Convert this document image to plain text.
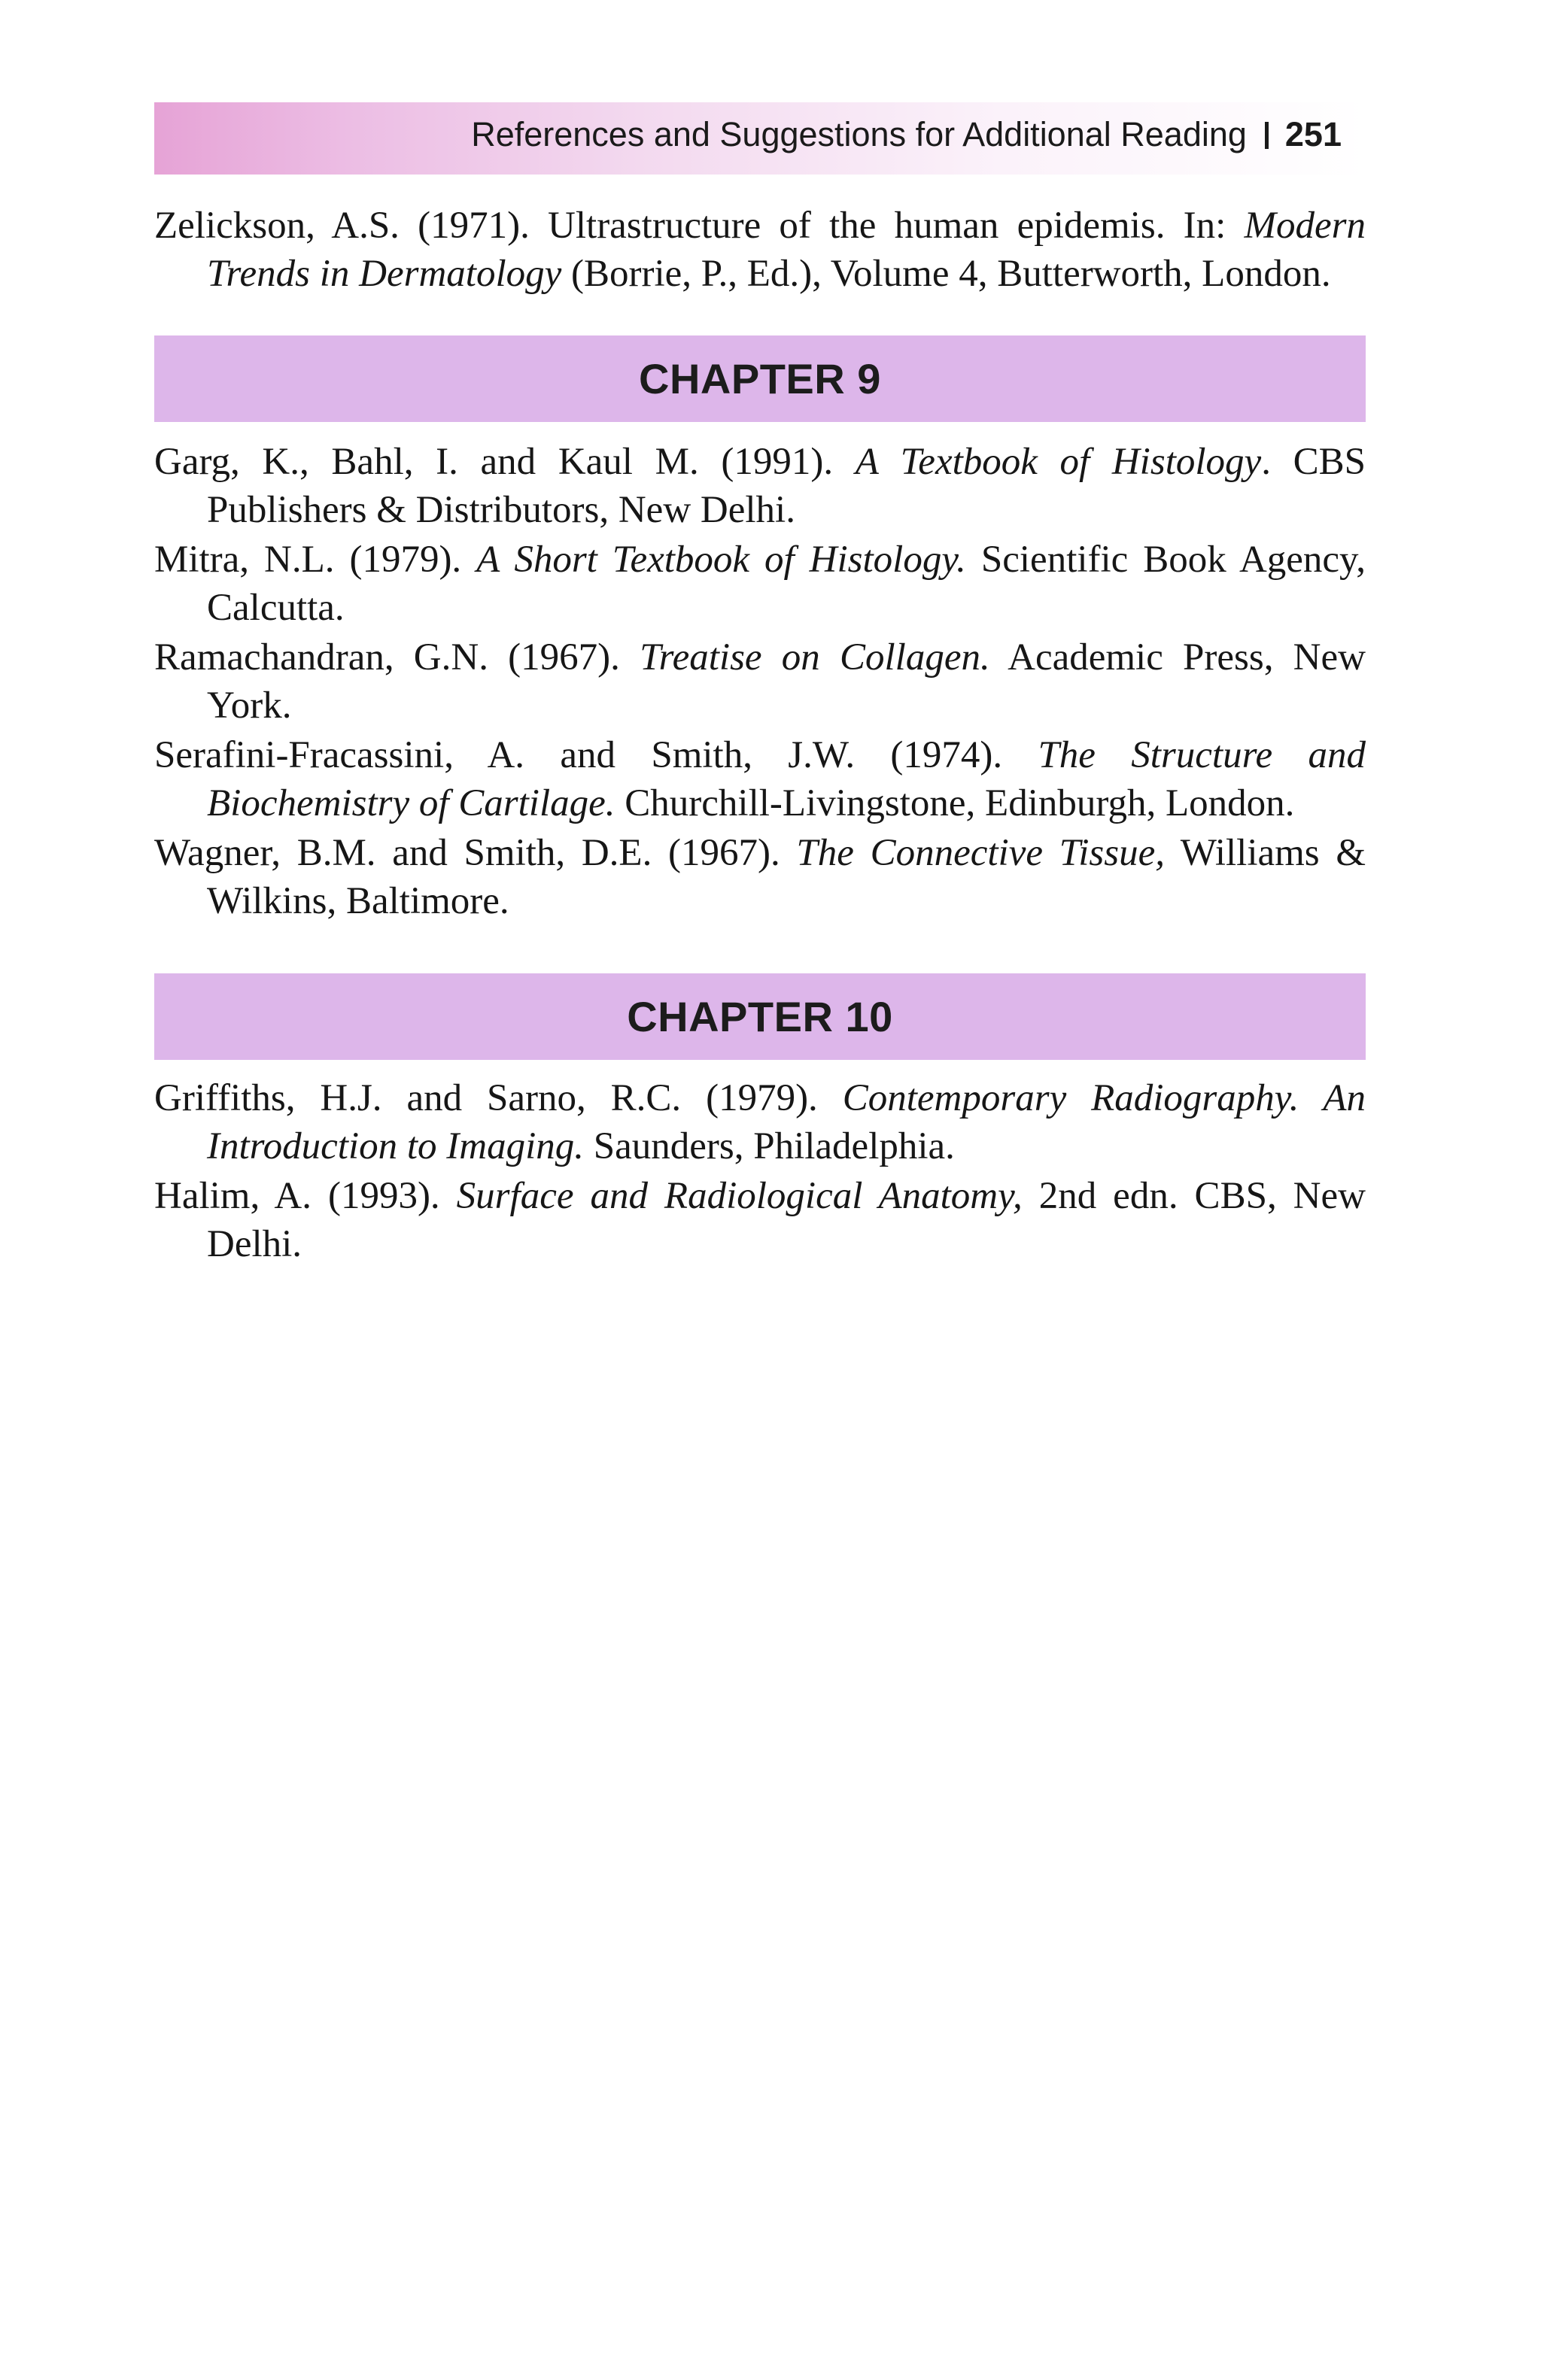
References and Suggestions for Additional Reading 251
Zelickson, A.S. (1971). Ultrastructure of the human epidemis. In: Modern Trends in Dermatology (Borrie, P., Ed.), Volume 4, Butterworth, London.
CHAPTER 9
Garg, K., Bahl, I. and Kaul M. (1991). A Textbook of Histology. CBS Publishers & Distributors, New Delhi.
Mitra, N.L. (1979). A Short Textbook of Histology. Scientific Book Agency, Calcutta.
Ramachandran, G.N. (1967). Treatise on Collagen. Academic Press, New York.
Serafini-Fracassini, A. and Smith, J.W. (1974). The Structure and Biochemistry of Cartilage. Churchill-Livingstone, Edinburgh, London.
Wagner, B.M. and Smith, D.E. (1967). The Connective Tissue, Williams & Wilkins, Baltimore.
CHAPTER 10
Griffiths, H.J. and Sarno, R.C. (1979). Contemporary Radiography. An Introduction to Imaging. Saunders, Philadelphia.
Halim, A. (1993). Surface and Radiological Anatomy, 2nd edn. CBS, New Delhi.
